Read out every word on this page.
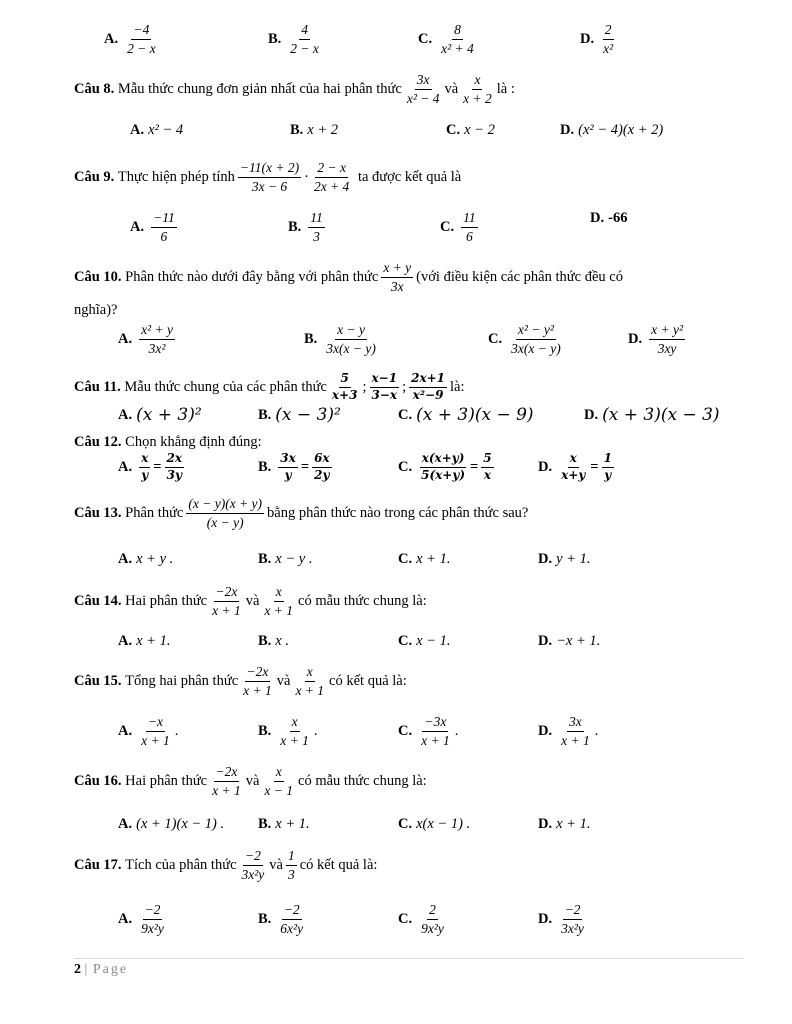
A. $\frac{-4}{2 - x}$	B. $\frac{4}{2 - x}$	C. $\frac{8}{\text{x² + 4}}$	D. $\frac{2}{\text{x²}}$
Câu 8.
Mẫu thức chung đơn giản nhất của hai phân thức $\frac{3x}{\text{x² − 4}}$ và $\frac{x}{x + 2}$ là :
A. x² − 4	B. x + 2	C. x − 2	D. (x² − 4)(x + 2)
Câu 9.
Thực hiện phép tính $\frac{-11(x + 2)}{3x - 6} \cdot \frac{2 - x}{2x + 4}$
ta được kết quả là
A. $\frac{-11}{6}$	B. $\frac{11}{3}$	C. $\frac{11}{6}$	D. -66
Câu 10.
Phân thức nào dưới đây bằng với phân thức $\frac{x + y}{3x}$ (với điều kiện các phân thức đều có
nghĩa)?
A. $\frac{\text{x² + y}}{\text{3x²}}$	B. $\frac{x - y}{3x(x - y)}$	C. $\frac{\text{x² − y²}}{3x(x - y)}$	D. $\frac{\text{x + y²}}{3xy}$
Câu 11.
Mẫu thức chung của các phân thức $\frac{5}{x+3}$ ; $\frac{x-1}{3-x}$ ; $\frac{2x+1}{\text{x²−9}}$ là:
A. (x + 3)²	B. (x − 3)²	C. (x + 3)(x − 9)	D. (x + 3)(x − 3)
Câu 12.
Chọn khẳng định đúng:
A. $\frac{x}{y} = \frac{2x}{3y}$	B. $\frac{3x}{y} = \frac{6x}{2y}$	C. $\frac{x(x+y)}{5(x+y)} = \frac{5}{x}$	D. $\frac{x}{x+y} = \frac{1}{y}$
Câu 13.
Phân thức $\frac{(x - y)(x + y)}{(x - y)}$ bằng phân thức nào trong các phân thức sau?
A. x + y .	B. x − y .	C. x + 1.	D. y + 1.
Câu 14.
Hai phân thức $\frac{-2x}{x + 1}$ và $\frac{x}{x + 1}$ có mẫu thức chung là:
A. x + 1.	B. x .	C. x − 1.	D. −x + 1.
Câu 15.
Tổng hai phân thức $\frac{-2x}{x + 1}$ và $\frac{x}{x + 1}$ có kết quả là:
A. $\frac{-x}{x + 1}$ .	B. $\frac{x}{x + 1}$ .	C. $\frac{-3x}{x + 1}$ .	D. $\frac{3x}{x + 1}$ .
Câu 16.
Hai phân thức $\frac{-2x}{x + 1}$ và $\frac{x}{x - 1}$ có mẫu thức chung là:
A. (x + 1)(x − 1) . B. x + 1.	C. x(x − 1) .	D. x + 1.
Câu 17.
Tích của phân thức $\frac{-2}{\text{3x²y}}$ và $\frac{1}{3}$ có kết quả là:
A. $\frac{-2}{\text{9x²y}}$	B. $\frac{-2}{\text{6x²y}}$	C. $\frac{2}{\text{9x²y}}$	D. $\frac{-2}{\text{3x²y}}$
2 | Page
